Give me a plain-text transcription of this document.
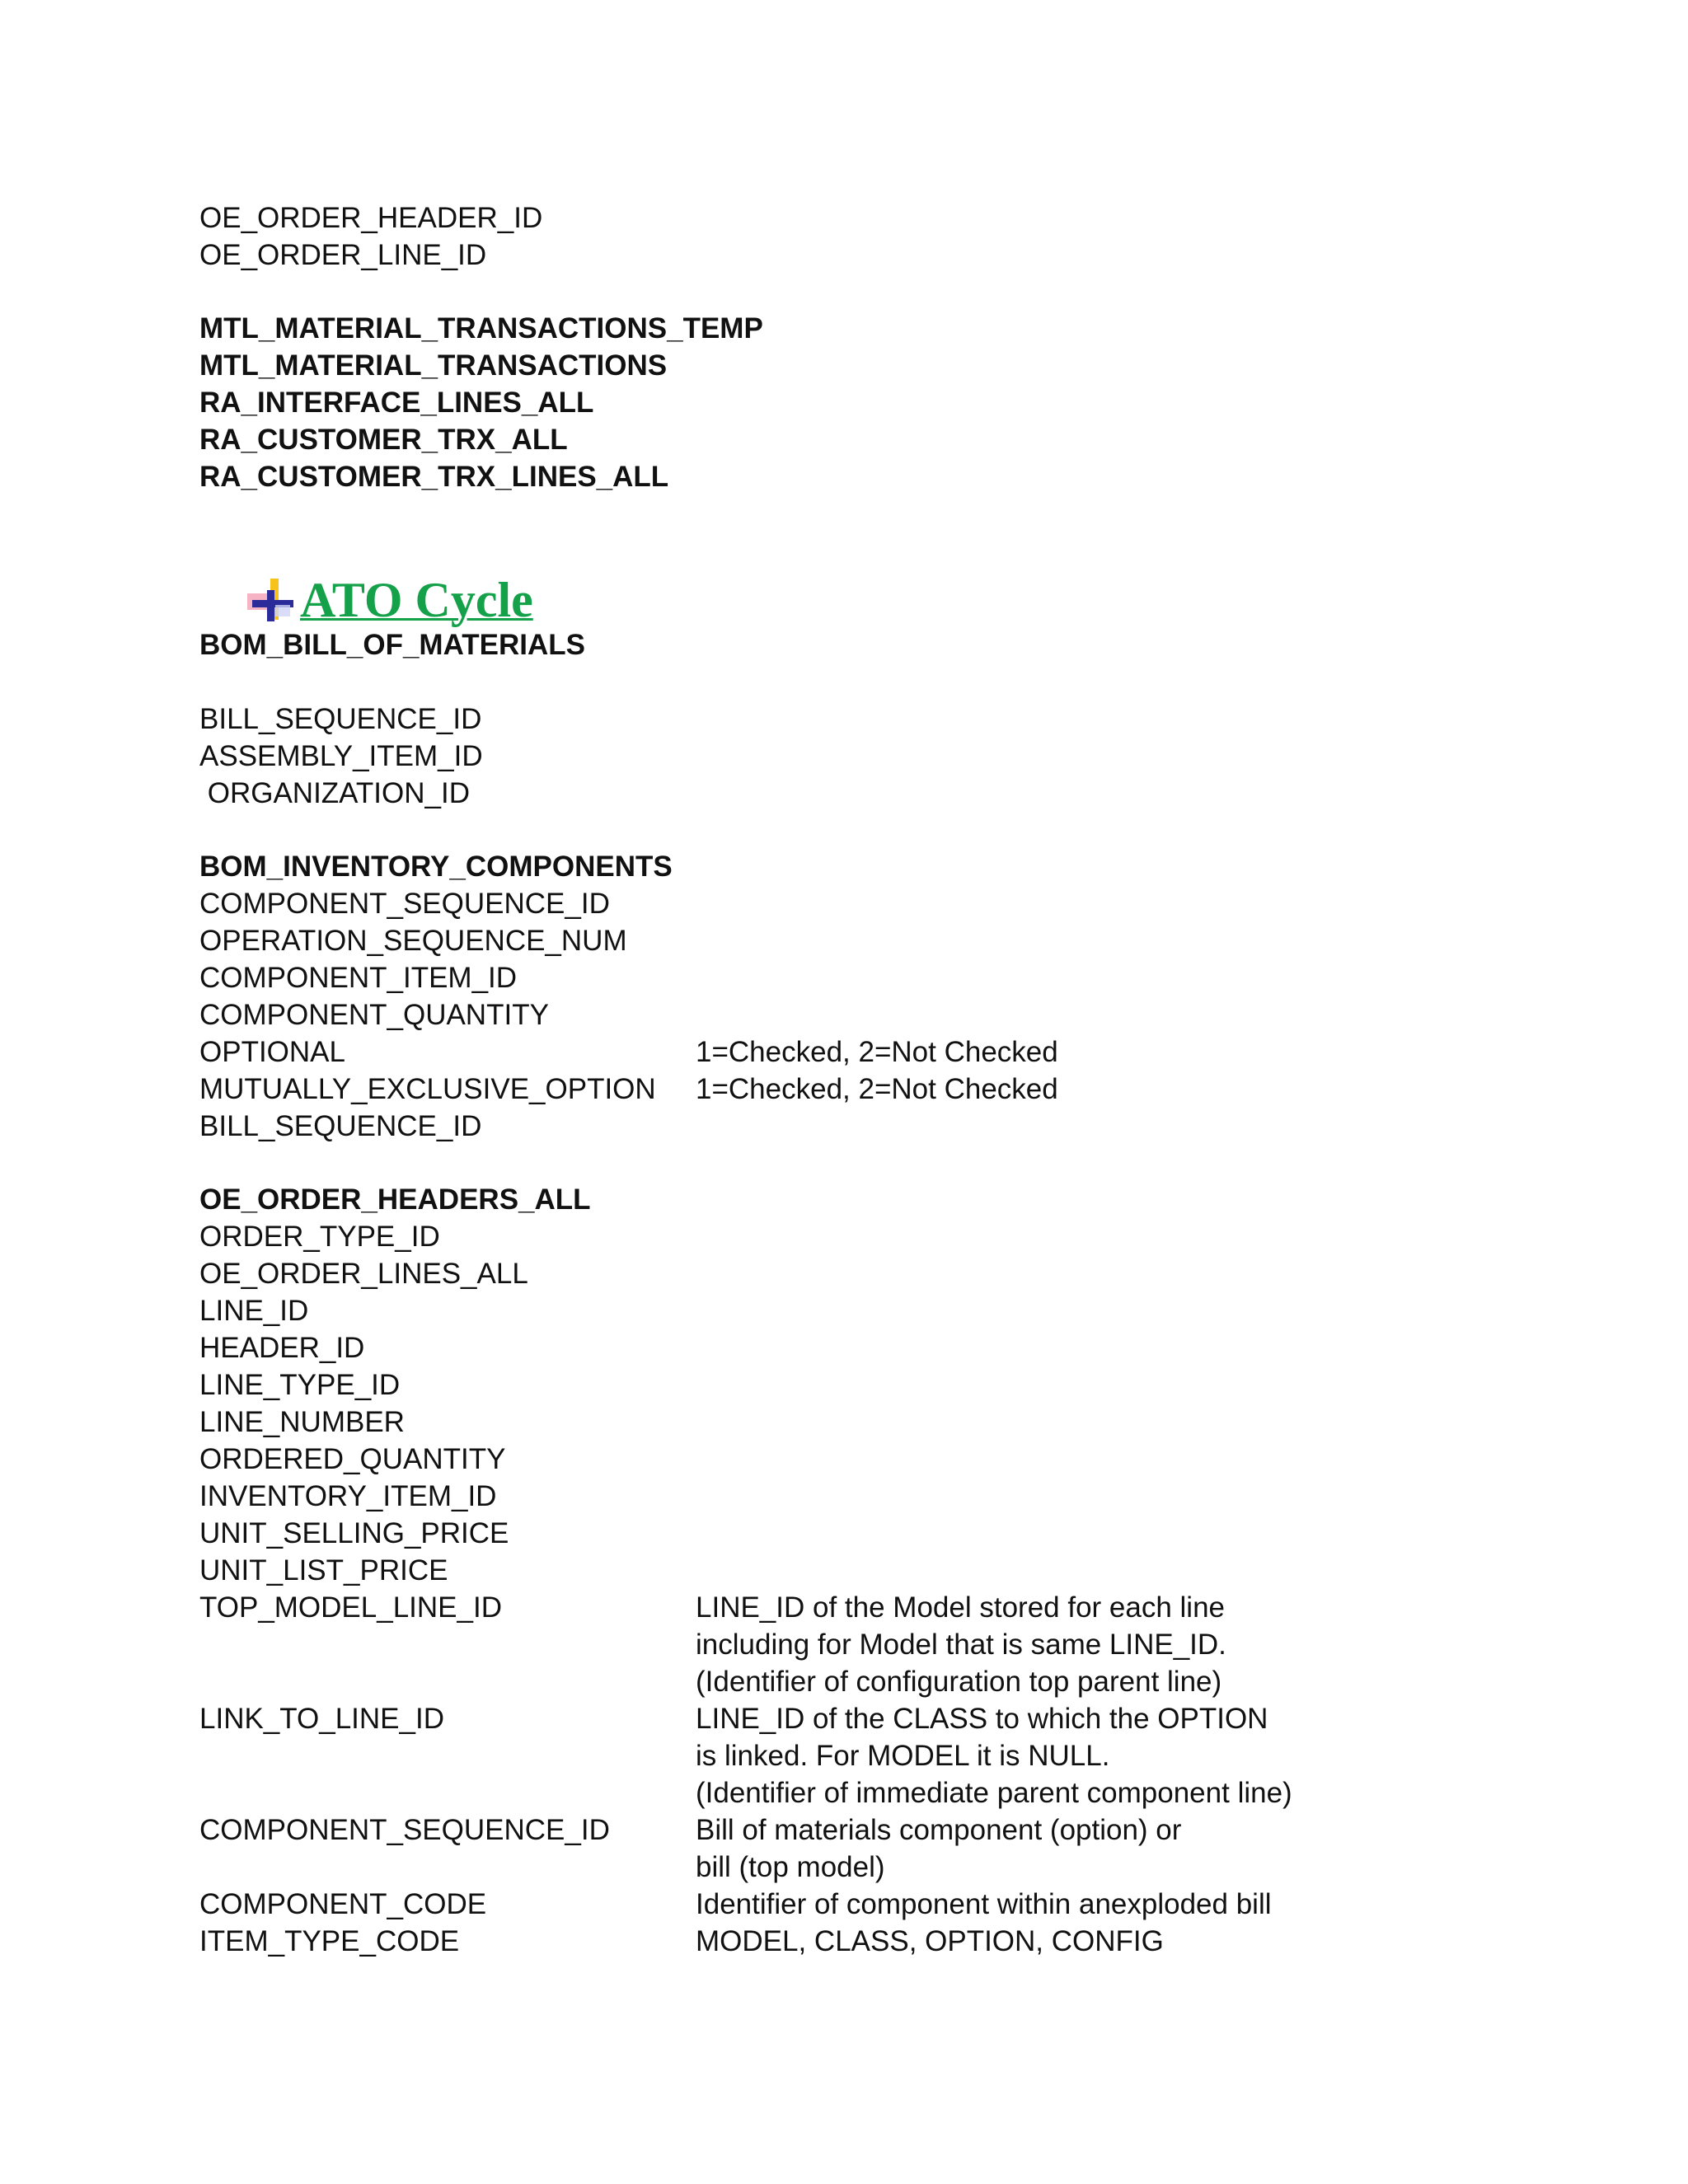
OE_ORDER_HEADER_ID
OE_ORDER_LINE_ID
MTL_MATERIAL_TRANSACTIONS_TEMP
MTL_MATERIAL_TRANSACTIONS
RA_INTERFACE_LINES_ALL
RA_CUSTOMER_TRX_ALL
RA_CUSTOMER_TRX_LINES_ALL
ATO Cycle
BOM_BILL_OF_MATERIALS
BILL_SEQUENCE_ID
ASSEMBLY_ITEM_ID
ORGANIZATION_ID
BOM_INVENTORY_COMPONENTS
COMPONENT_SEQUENCE_ID
OPERATION_SEQUENCE_NUM
COMPONENT_ITEM_ID
COMPONENT_QUANTITY
OPTIONAL	1=Checked, 2=Not Checked
MUTUALLY_EXCLUSIVE_OPTION 1=Checked, 2=Not Checked
BILL_SEQUENCE_ID
OE_ORDER_HEADERS_ALL
ORDER_TYPE_ID
OE_ORDER_LINES_ALL
LINE_ID
HEADER_ID
LINE_TYPE_ID
LINE_NUMBER
ORDERED_QUANTITY
INVENTORY_ITEM_ID
UNIT_SELLING_PRICE
UNIT_LIST_PRICE
TOP_MODEL_LINE_ID	LINE_ID of the Model stored for each line
including for Model that is same LINE_ID.
(Identifier of configuration top parent line)
LINK_TO_LINE_ID	LINE_ID of the CLASS to which the OPTION
is linked. For MODEL it is NULL.
(Identifier of immediate parent component line)
COMPONENT_SEQUENCE_ID	Bill of materials component (option) or
bill (top model)
COMPONENT_CODE	Identifier of component within anexploded bill
ITEM_TYPE_CODE	MODEL, CLASS, OPTION, CONFIG
